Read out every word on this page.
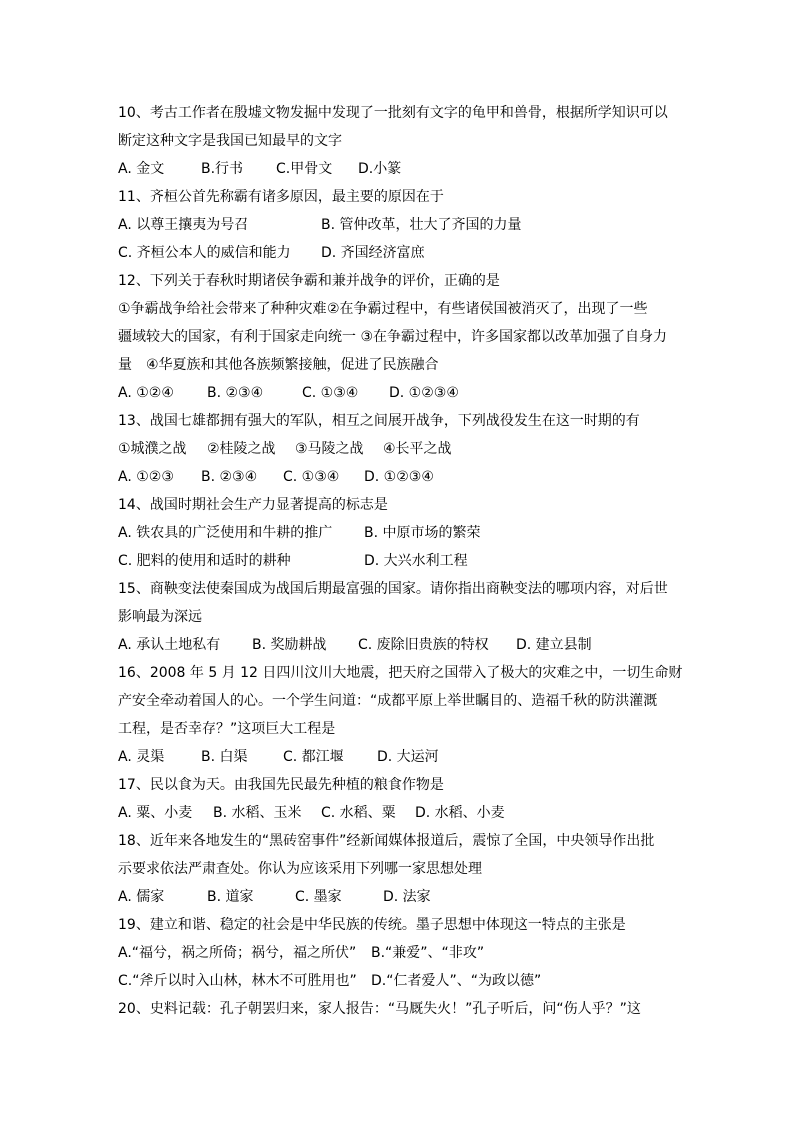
10、考古工作者在殷墟文物发掘中发现了一批刻有文字的龟甲和兽骨，根据所学知识可以
断定这种文字是我国已知最早的文字
A. 金文	B.行书 C.甲骨文 D.小篆
11、齐桓公首先称霸有诸多原因，最主要的原因在于
A. 以尊王攘夷为号召	B. 管仲改革，壮大了齐国的力量
C. 齐桓公本人的威信和能力 D. 齐国经济富庶
12、下列关于春秋时期诸侯争霸和兼并战争的评价，正确的是
①争霸战争给社会带来了种种灾难 ②在争霸过程中，有些诸侯国被消灭了，出现了一些
疆域较大的国家，有利于国家走向统一 ③在争霸过程中，许多国家都以改革加强了自身力
量　④华夏族和其他各族频繁接触，促进了民族融合
A. ①②④ B. ②③④	C. ①③④ D. ①②③④
13、战国七雄都拥有强大的军队，相互之间展开战争，下列战役发生在这一时期的有
①城濮之战 ②桂陵之战 ③马陵之战 ④长平之战
A. ①②③ B. ②③④ C. ①③④ D. ①②③④
14、战国时期社会生产力显著提高的标志是
A. 铁农具的广泛使用和牛耕的推广 B. 中原市场的繁荣
C. 肥料的使用和适时的耕种	D. 大兴水利工程
15、商鞅变法使秦国成为战国后期最富强的国家。请你指出商鞅变法的哪项内容，对后世
影响最为深远
A. 承认土地私有 B. 奖励耕战 C. 废除旧贵族的特权 D. 建立县制
16、2008 年 5 月 12 日四川汶川大地震，把天府之国带入了极大的灾难之中，一切生命财
产安全牵动着国人的心。一个学生问道：“成都平原上举世瞩目的、造福千秋的防洪灌溉
工程，是否幸存？”这项巨大工程是
A. 灵渠	B. 白渠	C. 都江堰 D. 大运河
17、民以食为天。由我国先民最先种植的粮食作物是
A. 粟、小麦 B. 水稻、玉米 C. 水稻、粟 D. 水稻、小麦
18、近年来各地发生的“黑砖窑事件”经新闻媒体报道后，震惊了全国，中央领导作出批
示要求依法严肃查处。你认为应该采用下列哪一家思想处理
A. 儒家	B. 道家	C. 墨家	D. 法家
19、建立和谐、稳定的社会是中华民族的传统。墨子思想中体现这一特点的主张是
A.“福兮，祸之所倚；祸兮，福之所伏” B.“兼爱”、“非攻”
C.“斧斤以时入山林，林木不可胜用也” D.“仁者爱人”、“为政以德”
20、史料记载：孔子朝罢归来，家人报告：“马厩失火！”孔子听后，问“伤人乎？”这
